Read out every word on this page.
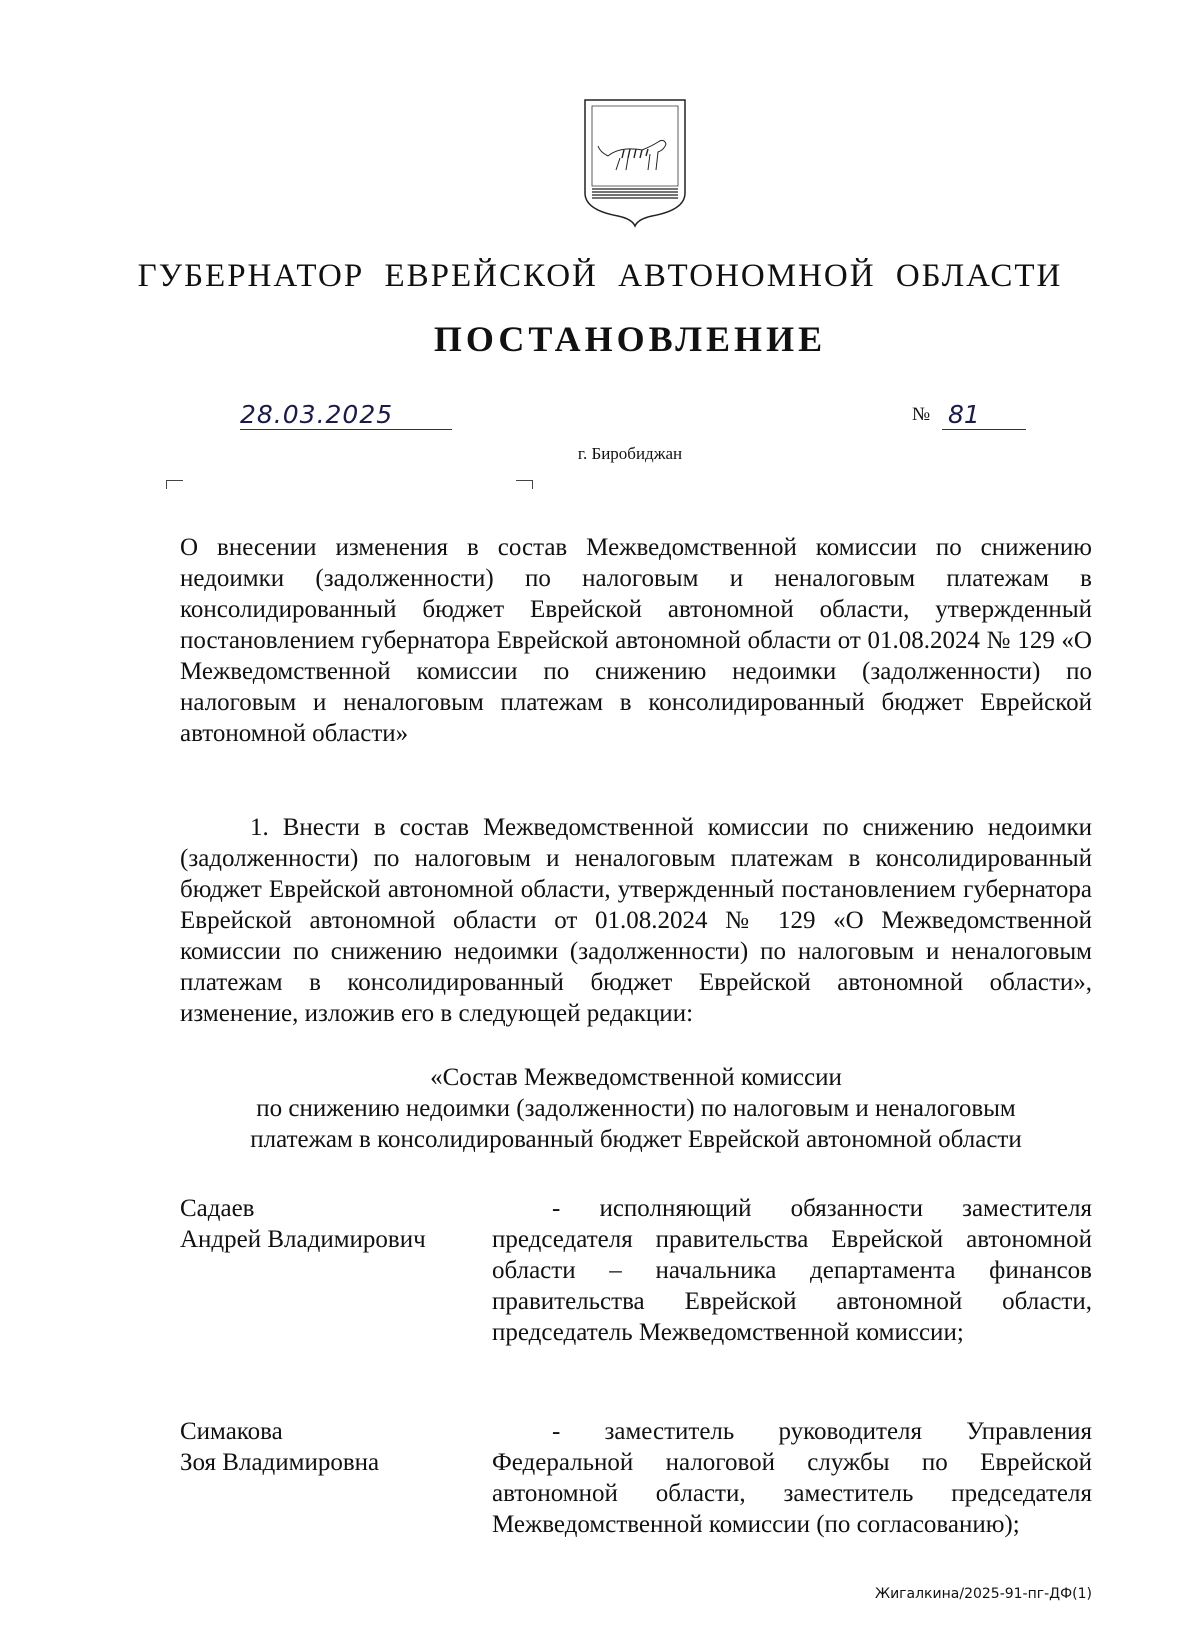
ГУБЕРНАТОР ЕВРЕЙСКОЙ АВТОНОМНОЙ ОБЛАСТИ
ПОСТАНОВЛЕНИЕ
28.03.2025	№ 81
г. Биробиджан
О внесении изменения в состав Межведомственной комиссии по снижению недоимки (задолженности) по налоговым и неналоговым платежам в консолидированный бюджет Еврейской автономной области, утвержденный постановлением губернатора Еврейской автономной области от 01.08.2024 № 129 «О Межведомственной комиссии по снижению недоимки (задолженности) по налоговым и неналоговым платежам в консолидированный бюджет Еврейской автономной области»
1. Внести в состав Межведомственной комиссии по снижению недоимки (задолженности) по налоговым и неналоговым платежам в консолидированный бюджет Еврейской автономной области, утвержденный постановлением губернатора Еврейской автономной области от 01.08.2024 № 129 «О Межведомственной комиссии по снижению недоимки (задолженности) по налоговым и неналоговым платежам в консолидированный бюджет Еврейской автономной области», изменение, изложив его в следующей редакции:
«Состав Межведомственной комиссии
по снижению недоимки (задолженности) по налоговым и неналоговым
платежам в консолидированный бюджет Еврейской автономной области
Садаев
Андрей Владимирович
- исполняющий обязанности заместителя председателя правительства Еврейской автономной области – начальника департамента финансов правительства Еврейской автономной области, председатель Межведомственной комиссии;
Симакова
Зоя Владимировна
- заместитель руководителя Управления Федеральной налоговой службы по Еврейской автономной области, заместитель председателя Межведомственной комиссии (по согласованию);
Жигалкина/2025-91-пг-ДФ(1)
